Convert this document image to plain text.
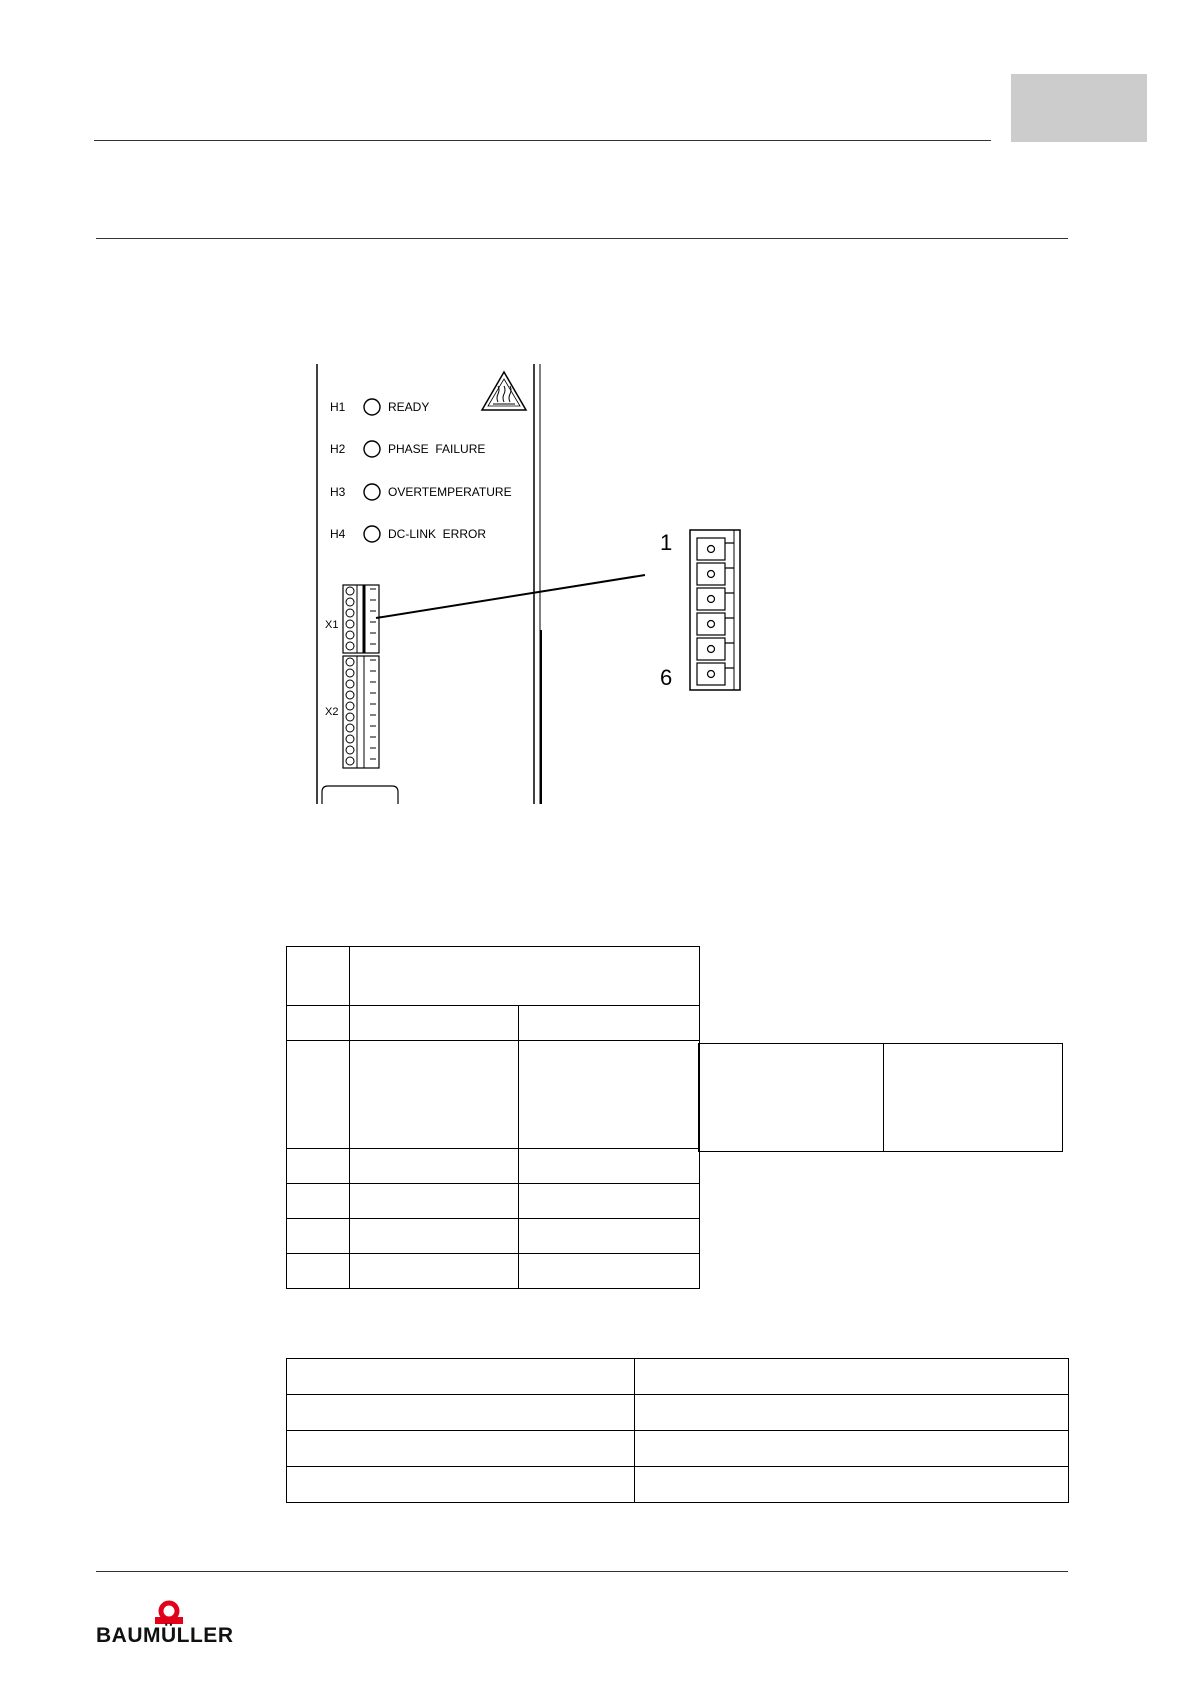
H1	READY
H2	PHASE  FAILURE
H3	OVERTEMPERATURE
H4	DC-LINK  ERROR
X1
X2
1
6

BAUMÜLLER
